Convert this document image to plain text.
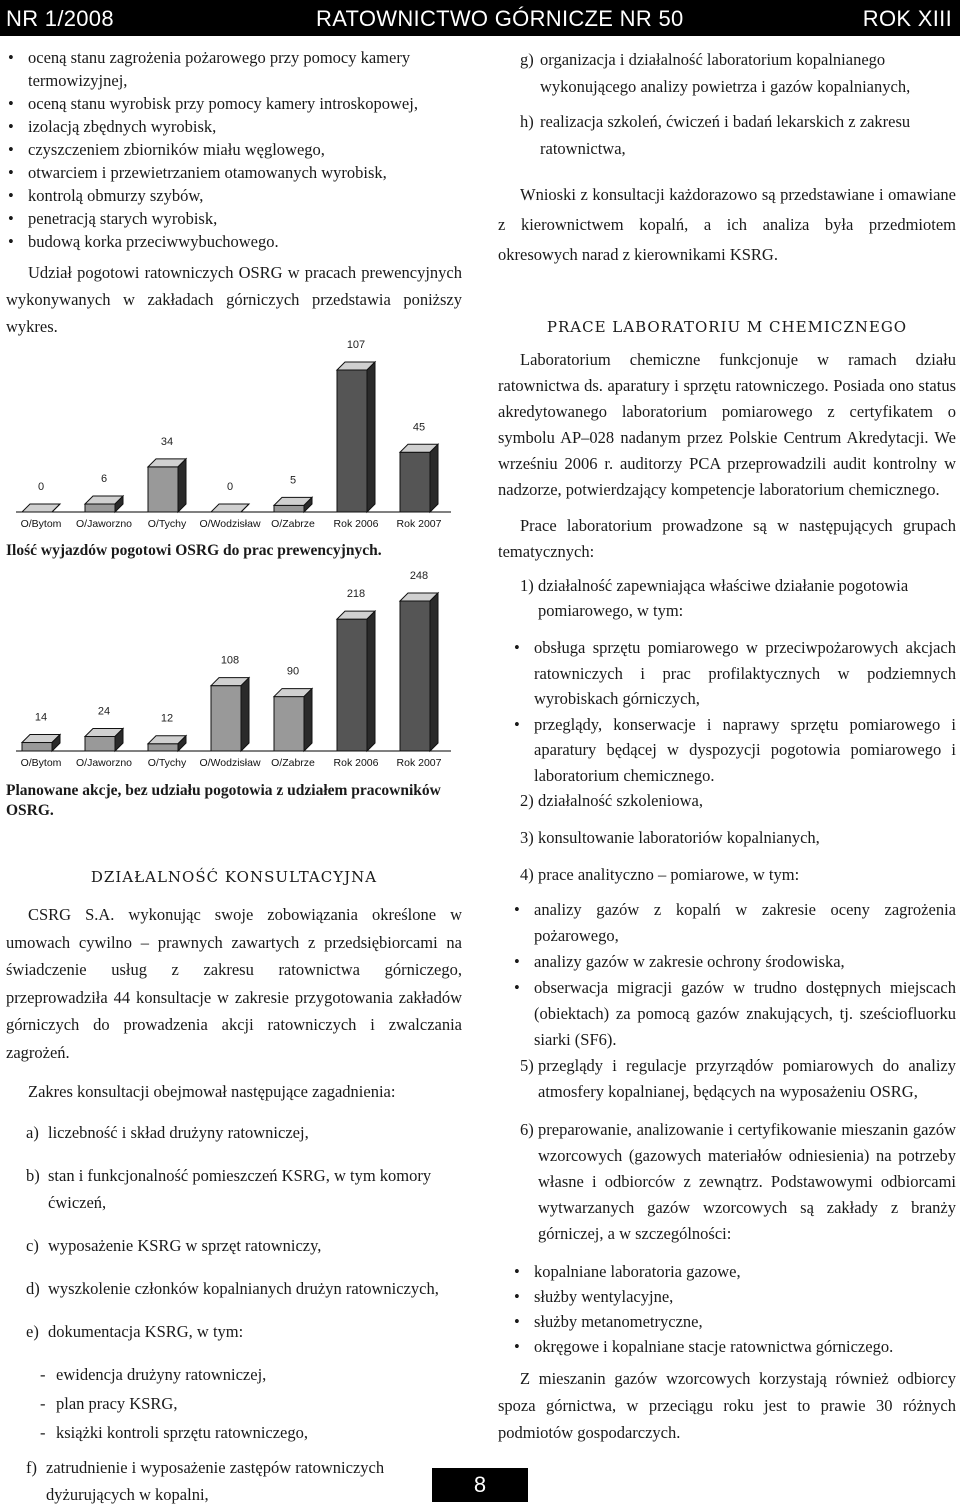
NR 1/2008	RATOWNICTWO GÓRNICZE NR 50	ROK XIII
• oceną stanu zagrożenia pożarowego przy pomocy kamery termowizyjnej,
• oceną stanu wyrobisk przy pomocy kamery introskopowej,
• izolacją zbędnych wyrobisk,
• czyszczeniem zbiorników miału węglowego,
• otwarciem i przewietrzaniem otamowanych wyrobisk,
• kontrolą obmurzy szybów,
• penetracją starych wyrobisk,
• budową korka przeciwwybuchowego.

Udział pogotowi ratowniczych OSRG w pracach prewencyjnych wykonywanych w zakładach górniczych przedstawia poniższy wykres.

0
O/Bytom
6
O/Jaworzno
34
O/Tychy
0
O/Wodzisław
5
O/Zabrze
107
Rok 2006
45
Rok 2007
Ilość wyjazdów pogotowi OSRG do prac prewencyjnych.
14
O/Bytom
24
O/Jaworzno
12
O/Tychy
108
O/Wodzisław
90
O/Zabrze
218
Rok 2006
248
Rok 2007
Planowane akcje, bez udziału pogotowia z udziałem pracowników OSRG.
DZIAŁALNOŚĆ KONSULTACYJNA

CSRG S.A. wykonując swoje zobowiązania określone w umowach cywilno – prawnych zawartych z przedsiębiorcami na świadczenie usług z zakresu ratownictwa górniczego, przeprowadziła 44 konsultacje w zakresie przygotowania zakładów górniczych do prowadzenia akcji ratowniczych i zwalczania zagrożeń.

Zakres konsultacji obejmował następujące zagadnienia:

a) liczebność i skład drużyny ratowniczej,
b) stan i funkcjonalność pomieszczeń KSRG, w tym komory ćwiczeń,
c) wyposażenie KSRG w sprzęt ratowniczy,
d) wyszkolenie członków kopalnianych drużyn ratowniczych,
e) dokumentacja KSRG, w tym:
- ewidencja drużyny ratowniczej,
- plan pracy KSRG,
- książki kontroli sprzętu ratowniczego,
f) zatrudnienie i wyposażenie zastępów ratowniczych dyżurujących w kopalni,
g) organizacja i działalność laboratorium kopalnianego wykonującego analizy powietrza i gazów kopalnianych,
h) realizacja szkoleń, ćwiczeń i badań lekarskich z zakresu ratownictwa,

Wnioski z konsultacji każdorazowo są przedstawiane i omawiane z kierownictwem kopalń, a ich analiza była przedmiotem okresowych narad z kierownikami KSRG.

PRACE LABORATORIU M CHEMICZNEGO

Laboratorium chemiczne funkcjonuje w ramach działu ratownictwa ds. aparatury i sprzętu ratowniczego. Posiada ono status akredytowanego laboratorium pomiarowego z certyfikatem o symbolu AP–028 nadanym przez Polskie Centrum Akredytacji. We wrześniu 2006 r. auditorzy PCA przeprowadzili audit kontrolny w nadzorze, potwierdzający kompetencje laboratorium chemicznego.

Prace laboratorium prowadzone są w następujących grupach tematycznych:

1) działalność zapewniająca właściwe działanie pogotowia pomiarowego, w tym:
• obsługa sprzętu pomiarowego w przeciwpożarowych akcjach ratowniczych i prac profilaktycznych w podziemnych wyrobiskach górniczych,
• przeglądy, konserwacje i naprawy sprzętu pomiarowego i aparatury będącej w dyspozycji pogotowia pomiarowego i laboratorium chemicznego.
2) działalność szkoleniowa,
3) konsultowanie laboratoriów kopalnianych,
4) prace analityczno – pomiarowe, w tym:
• analizy gazów z kopalń w zakresie oceny zagrożenia pożarowego,
• analizy gazów w zakresie ochrony środowiska,
• obserwacja migracji gazów w trudno dostępnych miejscach (obiektach) za pomocą gazów znakujących, tj. sześciofluorku siarki (SF6).
5) przeglądy i regulacje przyrządów pomiarowych do analizy atmosfery kopalnianej, będących na wyposażeniu OSRG,
6) preparowanie, analizowanie i certyfikowanie mieszanin gazów wzorcowych (gazowych materiałów odniesienia) na potrzeby własne i odbiorców z zewnątrz. Podstawowymi odbiorcami wytwarzanych gazów wzorcowych są zakłady z branży górniczej, a w szczególności:
• kopalniane laboratoria gazowe,
• służby wentylacyjne,
• służby metanometryczne,
• okręgowe i kopalniane stacje ratownictwa górniczego.

Z mieszanin gazów wzorcowych korzystają również odbiorcy spoza górnictwa, w przeciągu roku jest to prawie 30 różnych podmiotów gospodarczych.

8
